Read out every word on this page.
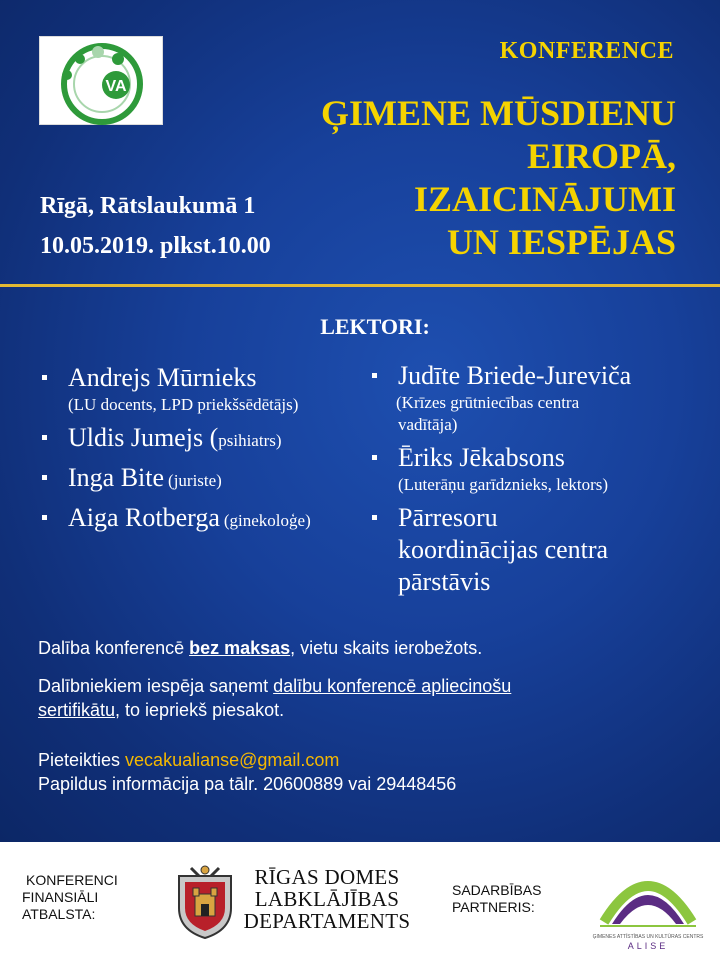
VA
KONFERENCE
ĢIMENE MŪSDIENU
EIROPĀ,
IZAICINĀJUMI
UN IESPĒJAS
Rīgā, Rātslaukumā 1
10.05.2019. plkst.10.00
LEKTORI:
Andrejs Mūrnieks
(LU docents, LPD priekšsēdētājs)
Uldis Jumejs (psihiatrs)
Inga Bite (juriste)
Aiga Rotberga (ginekoloģe)
Judīte Briede-Jureviča
(Krīzes grūtniecības centra
vadītāja)
Ēriks Jēkabsons
(Luterāņu garīdznieks, lektors)
Pārresoru
koordinācijas centra
pārstāvis

Dalība konferencē bez maksas, vietu skaits ierobežots.

Dalībniekiem iespēja saņemt dalību konferencē apliecinošu
sertifikātu, to iepriekš piesakot.

Pieteikties vecakualianse@gmail.com
Papildus informācija pa tālr. 20600889 vai 29448456

KONFERENCI
FINANSIĀLI
ATBALSTA:
RĪGAS DOMES
LABKLĀJĪBAS
DEPARTAMENTS
SADARBĪBAS
PARTNERIS:
ĢIMENES ATTĪSTĪBAS UN KULTŪRAS CENTRS
ALISE
